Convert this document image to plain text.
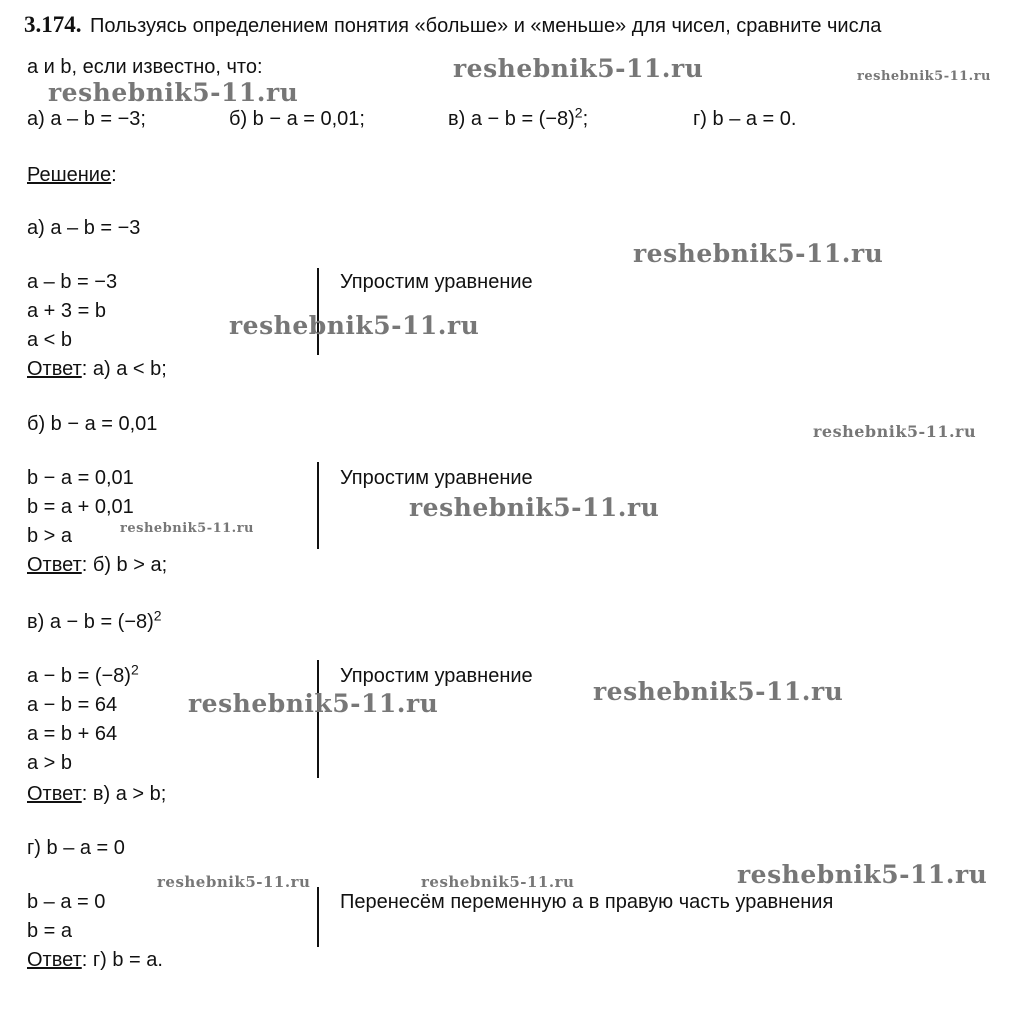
3.174. Пользуясь определением понятия «больше» и «меньше» для чисел, сравните числа
a и b, если известно, что:
а) a – b = −3;	б) b − a = 0,01;	в) $a - b = (-8)^2$;	г) b – a = 0.
Решение:
а) a – b = −3
a – b = −3
a + 3 = b
a < b
Упростим уравнение
Ответ: а) a < b;
б) b − a = 0,01
b − a = 0,01
b = a + 0,01
b > a
Упростим уравнение
Ответ: б) b > a;
в) $a - b = (-8)^2$
$a - b = (-8)^2$
a − b = 64
a = b + 64
a > b
Упростим уравнение
Ответ: в) a > b;
г) b – a = 0
b – a = 0
b = a
Перенесём переменную a в правую часть уравнения
Ответ: г) b = a.
reshebnik5-11.ru	reshebnik5-11.ru
reshebnik5-11.ru
reshebnik5-11.ru
reshebnik5-11.ru
reshebnik5-11.ru
reshebnik5-11.ru
reshebnik5-11.ru
reshebnik5-11.ru
reshebnik5-11.ru
reshebnik5-11.ru
reshebnik5-11.ru	reshebnik5-11.ru
